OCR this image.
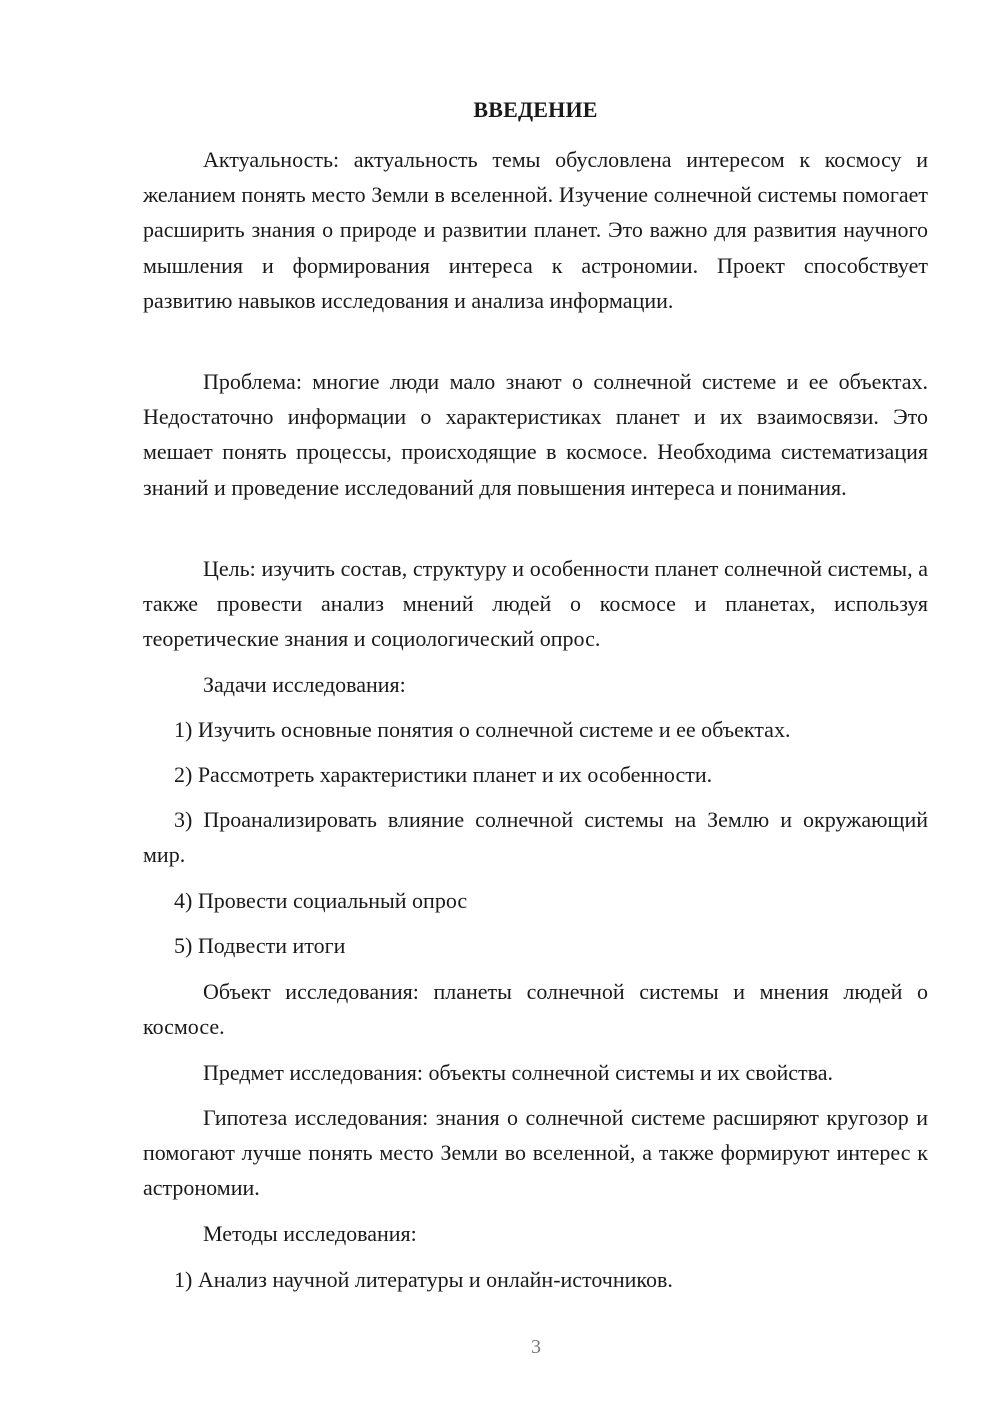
ВВЕДЕНИЕ

Актуальность: актуальность темы обусловлена интересом к космосу и желанием понять место Земли в вселенной. Изучение солнечной системы помогает расширить знания о природе и развитии планет. Это важно для развития научного мышления и формирования интереса к астрономии. Проект способствует развитию навыков исследования и анализа информации.

Проблема: многие люди мало знают о солнечной системе и ее объектах. Недостаточно информации о характеристиках планет и их взаимосвязи. Это мешает понять процессы, происходящие в космосе. Необходима систематизация знаний и проведение исследований для повышения интереса и понимания.

Цель: изучить состав, структуру и особенности планет солнечной системы, а также провести анализ мнений людей о космосе и планетах, используя теоретические знания и социологический опрос.

Задачи исследования:

1) Изучить основные понятия о солнечной системе и ее объектах.

2) Рассмотреть характеристики планет и их особенности.

3) Проанализировать влияние солнечной системы на Землю и окружающий мир.

4) Провести социальный опрос

5) Подвести итоги

Объект исследования: планеты солнечной системы и мнения людей о космосе.

Предмет исследования: объекты солнечной системы и их свойства.

Гипотеза исследования: знания о солнечной системе расширяют кругозор и помогают лучше понять место Земли во вселенной, а также формируют интерес к астрономии.

Методы исследования:

1) Анализ научной литературы и онлайн-источников.

3
